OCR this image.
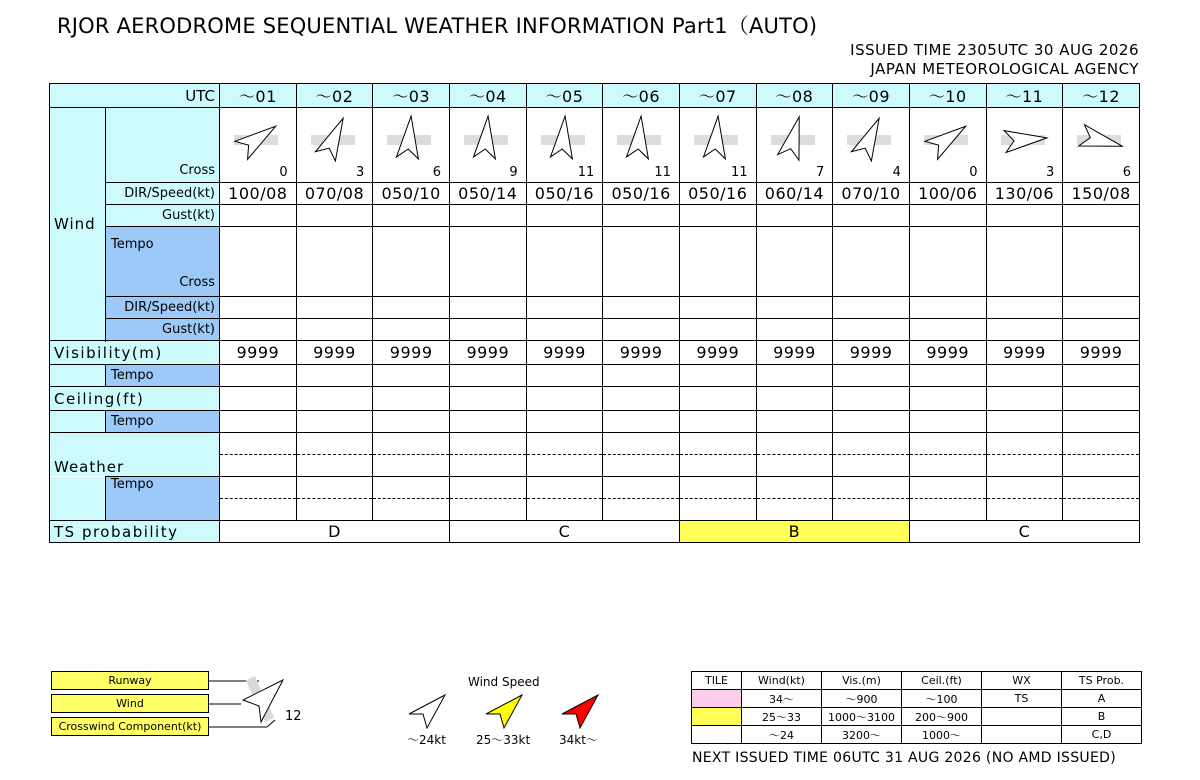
RJOR AERODROME SEQUENTIAL WEATHER INFORMATION Part1（AUTO)
ISSUED TIME 2305UTC 30 AUG 2026
JAPAN METEOROLOGICAL AGENCY
UTC		～01	～02	～03	～04	～05	～06	～07	～08	～09	～10	～11	～12
Wind	Cross	0	3	6	9	11	11	11	7	4	0	3	6

	DIR/Speed(kt)	100/08	070/08	050/10	050/14	050/16	050/16	050/16	060/14	070/10	100/06	130/06	150/08
	Gust(kt)												

	Tempo
Cross												

	DIR/Speed(kt)												
	Gust(kt)												

Visibility(m)		9999	9999	9999	9999	9999	9999	9999	9999	9999	9999	9999	9999
	Tempo												
Ceiling(ft)													
	Tempo												
Weather													

	Tempo												

TS probability		D			C			B			C		
Runway
Wind
Crosswind Component(kt)
12
Wind Speed
～24kt	25～33kt 34kt～
TILE	Wind(kt)	Vis.(m)	Ceil.(ft)	WX	TS Prob.
	34～	～900	～100	TS	A
	25～33	1000～3100	200～900		B
	～24	3200～	1000～		C,D
NEXT ISSUED TIME 06UTC 31 AUG 2026 (NO AMD ISSUED)
